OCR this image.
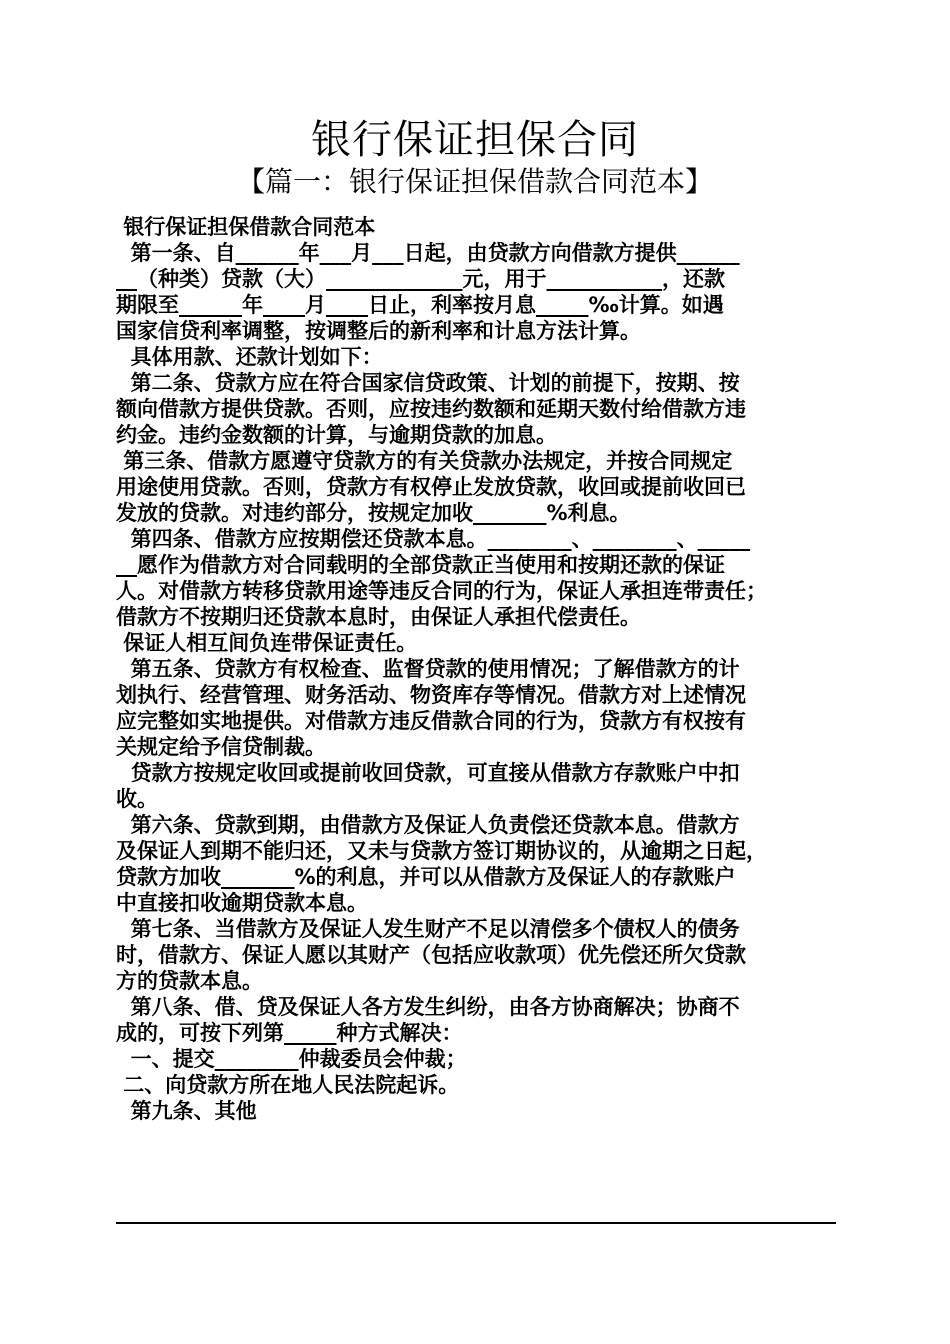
银行保证担保合同
【篇一：银行保证担保借款合同范本】
银行保证担保借款合同范本
第一条、自______年___月___日起，由贷款方向借款方提供______
__（种类）贷款（大）_____________元，用于___________，还款
期限至______年____月____日止，利率按月息_____‰计算。如遇
国家信贷利率调整，按调整后的新利率和计息方法计算。
具体用款、还款计划如下：
第二条、贷款方应在符合国家信贷政策、计划的前提下，按期、按
额向借款方提供贷款。否则，应按违约数额和延期天数付给借款方违
约金。违约金数额的计算，与逾期贷款的加息。
第三条、借款方愿遵守贷款方的有关贷款办法规定，并按合同规定
用途使用贷款。否则，贷款方有权停止发放贷款，收回或提前收回已
发放的贷款。对违约部分，按规定加收_______%利息。
第四条、借款方应按期偿还贷款本息。________、________、_____
__愿作为借款方对合同载明的全部贷款正当使用和按期还款的保证
人。对借款方转移贷款用途等违反合同的行为，保证人承担连带责任；
借款方不按期归还贷款本息时，由保证人承担代偿责任。
保证人相互间负连带保证责任。
第五条、贷款方有权检查、监督贷款的使用情况；了解借款方的计
划执行、经营管理、财务活动、物资库存等情况。借款方对上述情况
应完整如实地提供。对借款方违反借款合同的行为，贷款方有权按有
关规定给予信贷制裁。
贷款方按规定收回或提前收回贷款，可直接从借款方存款账户中扣
收。
第六条、贷款到期，由借款方及保证人负责偿还贷款本息。借款方
及保证人到期不能归还，又未与贷款方签订期协议的，从逾期之日起，
贷款方加收_______%的利息，并可以从借款方及保证人的存款账户
中直接扣收逾期贷款本息。
第七条、当借款方及保证人发生财产不足以清偿多个债权人的债务
时，借款方、保证人愿以其财产（包括应收款项）优先偿还所欠贷款
方的贷款本息。
第八条、借、贷及保证人各方发生纠纷，由各方协商解决；协商不
成的，可按下列第_____种方式解决：
一、提交________仲裁委员会仲裁；
二、向贷款方所在地人民法院起诉。
第九条、其他
